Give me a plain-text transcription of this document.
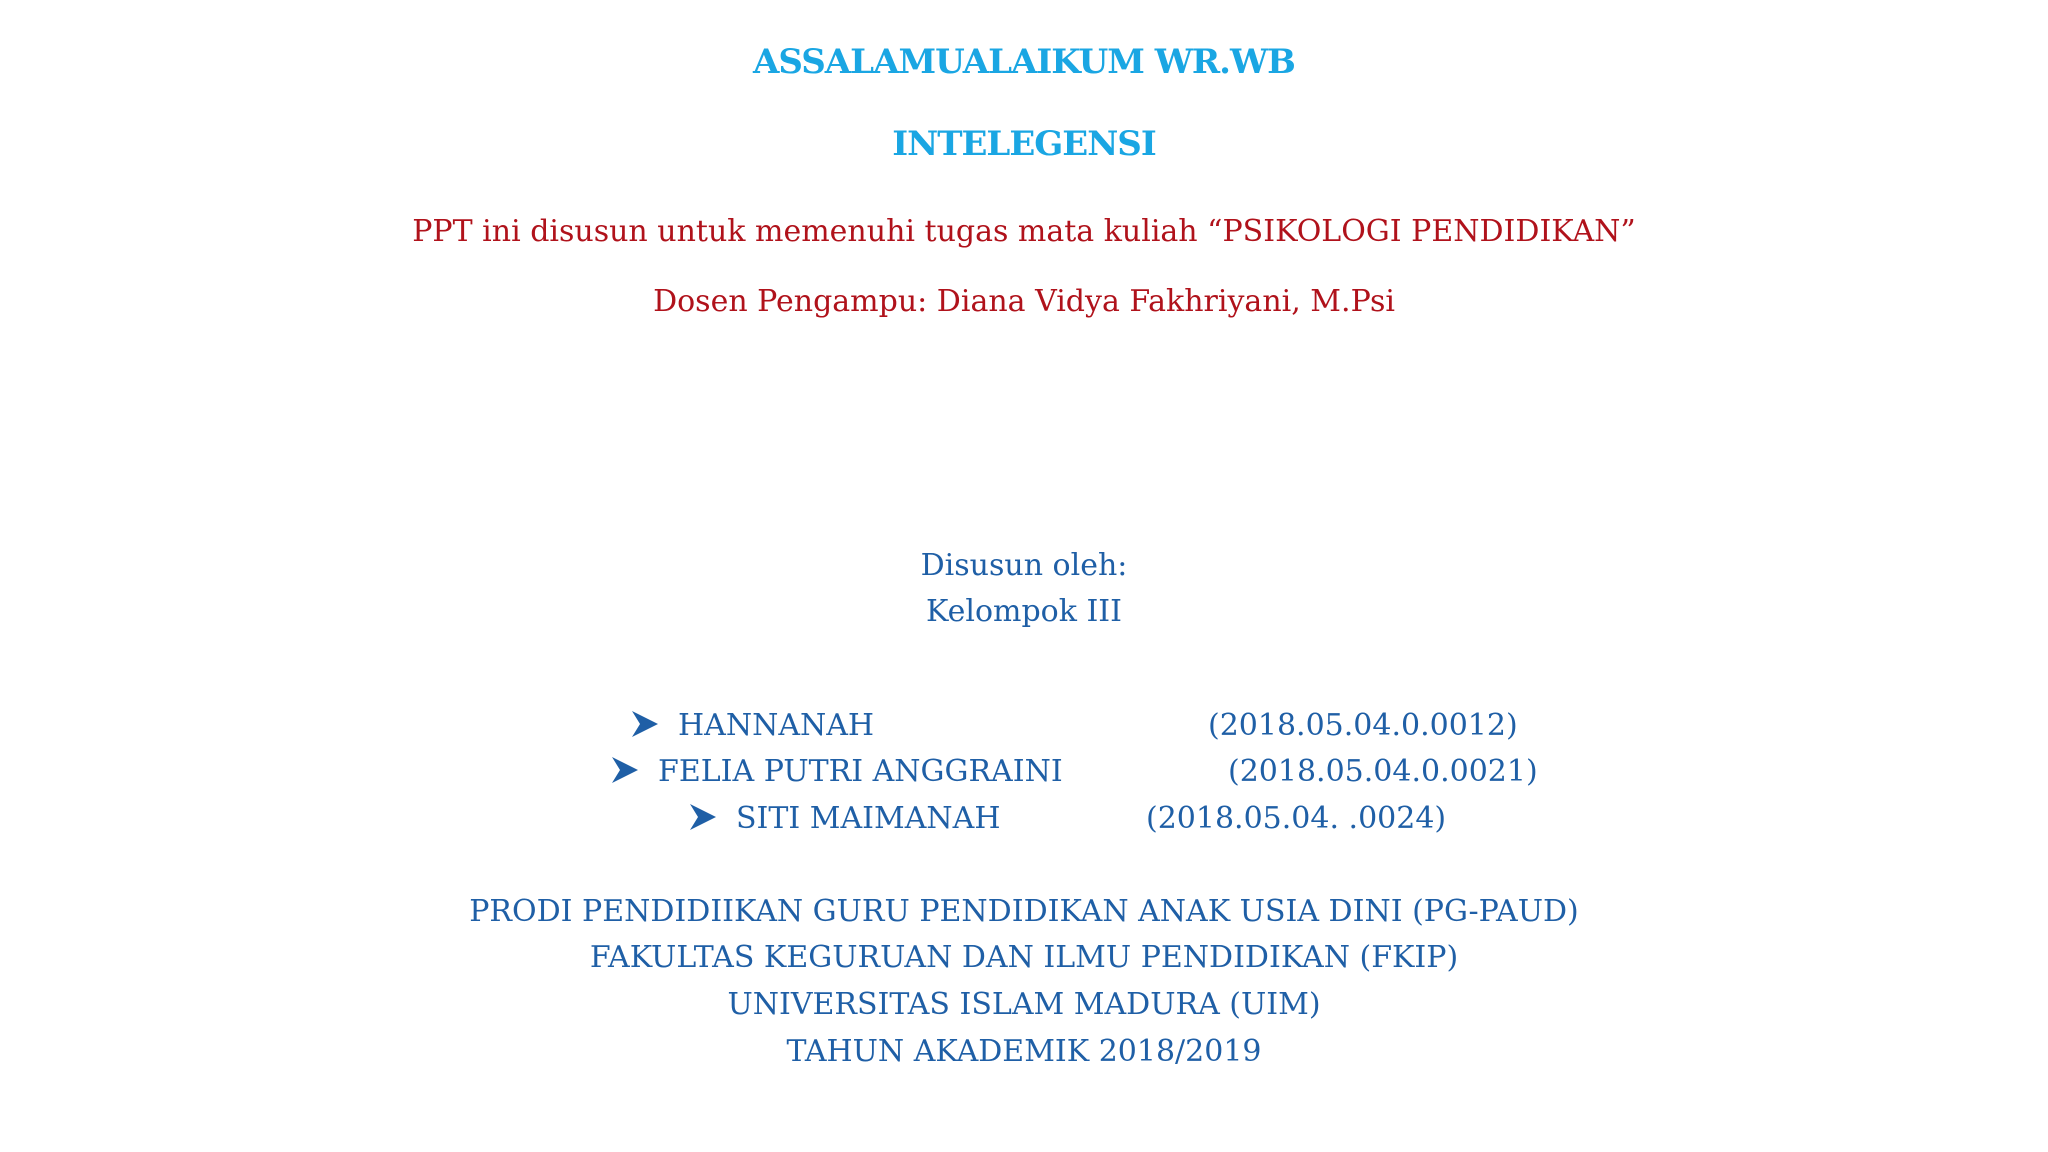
ASSALAMUALAIKUM WR.WB
INTELEGENSI
PPT ini disusun untuk memenuhi tugas mata kuliah “PSIKOLOGI PENDIDIKAN”
Dosen Pengampu: Diana Vidya Fakhriyani, M.Psi
Disusun oleh:
Kelompok III
HANNANAH	(2018.05.04.0.0012)
FELIA PUTRI ANGGRAINI	(2018.05.04.0.0021)
SITI MAIMANAH	(2018.05.04. .0024)
PRODI PENDIDIIKAN GURU PENDIDIKAN ANAK USIA DINI (PG-PAUD)
FAKULTAS KEGURUAN DAN ILMU PENDIDIKAN (FKIP)
UNIVERSITAS ISLAM MADURA (UIM)
TAHUN AKADEMIK 2018/2019
